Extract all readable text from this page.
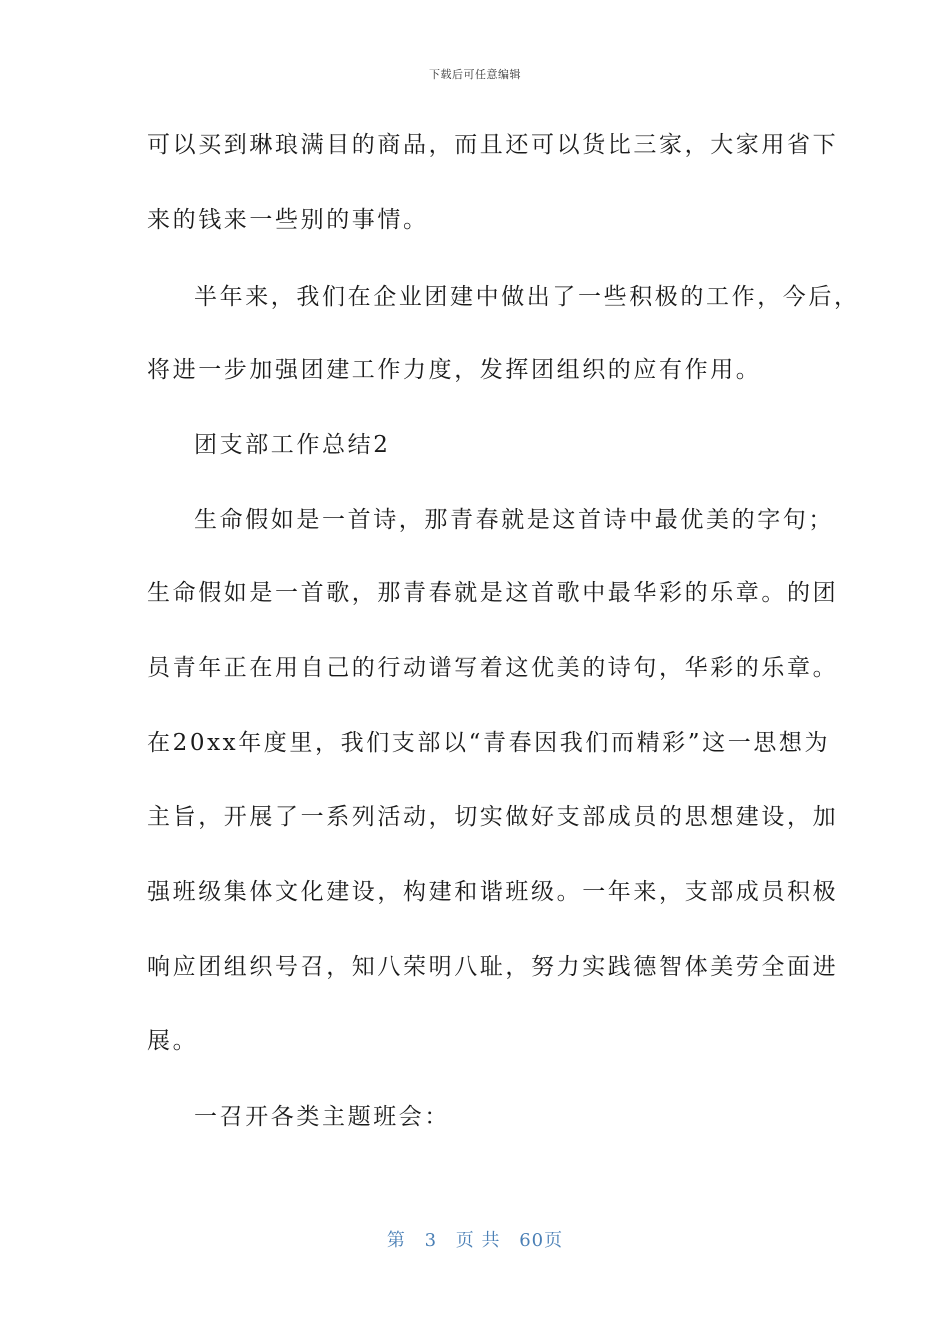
下载后可任意编辑
可以买到琳琅满目的商品，而且还可以货比三家，大家用省下
来的钱来一些别的事情。
半年来，我们在企业团建中做出了一些积极的工作，今后，
将进一步加强团建工作力度，发挥团组织的应有作用。
团支部工作总结2
生命假如是一首诗，那青春就是这首诗中最优美的字句；
生命假如是一首歌，那青春就是这首歌中最华彩的乐章。的团
员青年正在用自己的行动谱写着这优美的诗句，华彩的乐章。
在20xx年度里，我们支部以“青春因我们而精彩”这一思想为
主旨，开展了一系列活动，切实做好支部成员的思想建设，加
强班级集体文化建设，构建和谐班级。一年来，支部成员积极
响应团组织号召，知八荣明八耻，努力实践德智体美劳全面进
展。
一召开各类主题班会：
第 3 页 共 60页
